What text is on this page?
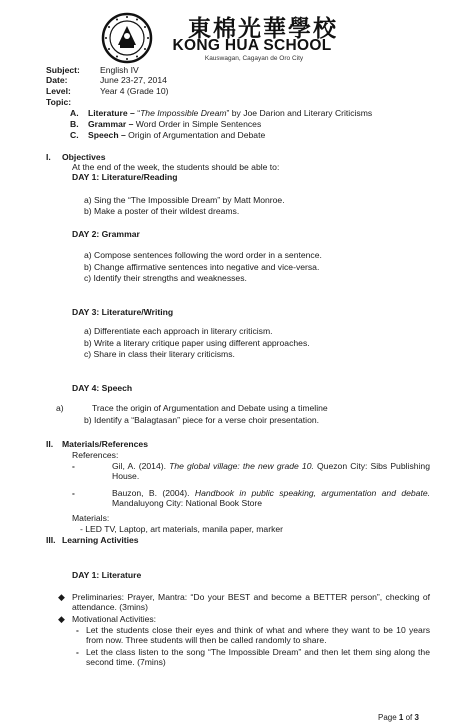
東棉光華學校
KONG HUA SCHOOL
Kauswagan, Cagayan de Oro City
Subject: English IV
Date:	June 23-27, 2014
Level:	Year 4 (Grade 10)
Topic:
A. Literature – “The Impossible Dream” by Joe Darion and Literary Criticisms
B. Grammar – Word Order in Simple Sentences
C. Speech – Origin of Argumentation and Debate
I. Objectives
At the end of the week, the students should be able to:
DAY 1: Literature/Reading
a) Sing the “The Impossible Dream” by Matt Monroe.
b) Make a poster of their wildest dreams.
DAY 2: Grammar
a) Compose sentences following the word order in a sentence.
b) Change affirmative sentences into negative and vice-versa.
c) Identify their strengths and weaknesses.
DAY 3: Literature/Writing
a) Differentiate each approach in literary criticism.
b) Write a literary critique paper using different approaches.
c) Share in class their literary criticisms.
DAY 4: Speech
a)	Trace the origin of Argumentation and Debate using a timeline
b) Identify a “Balagtasan” piece for a verse choir presentation.
II. Materials/References
References:
-	Gil, A. (2014). The global village: the new grade 10. Quezon City: Sibs Publishing House.
-	Bauzon, B. (2004). Handbook in public speaking, argumentation and debate. Mandaluyong City: National Book Store
Materials:
- LED TV, Laptop, art materials, manila paper, marker
III. Learning Activities
DAY 1: Literature
◆ Preliminaries: Prayer, Mantra: “Do your BEST and become a BETTER person”, checking of attendance. (3mins)
◆ Motivational Activities:
- Let the students close their eyes and think of what and where they want to be 10 years from now. Three students will then be called randomly to share.
- Let the class listen to the song “The Impossible Dream” and then let them sing along the second time. (7mins)
Page 1 of 3
